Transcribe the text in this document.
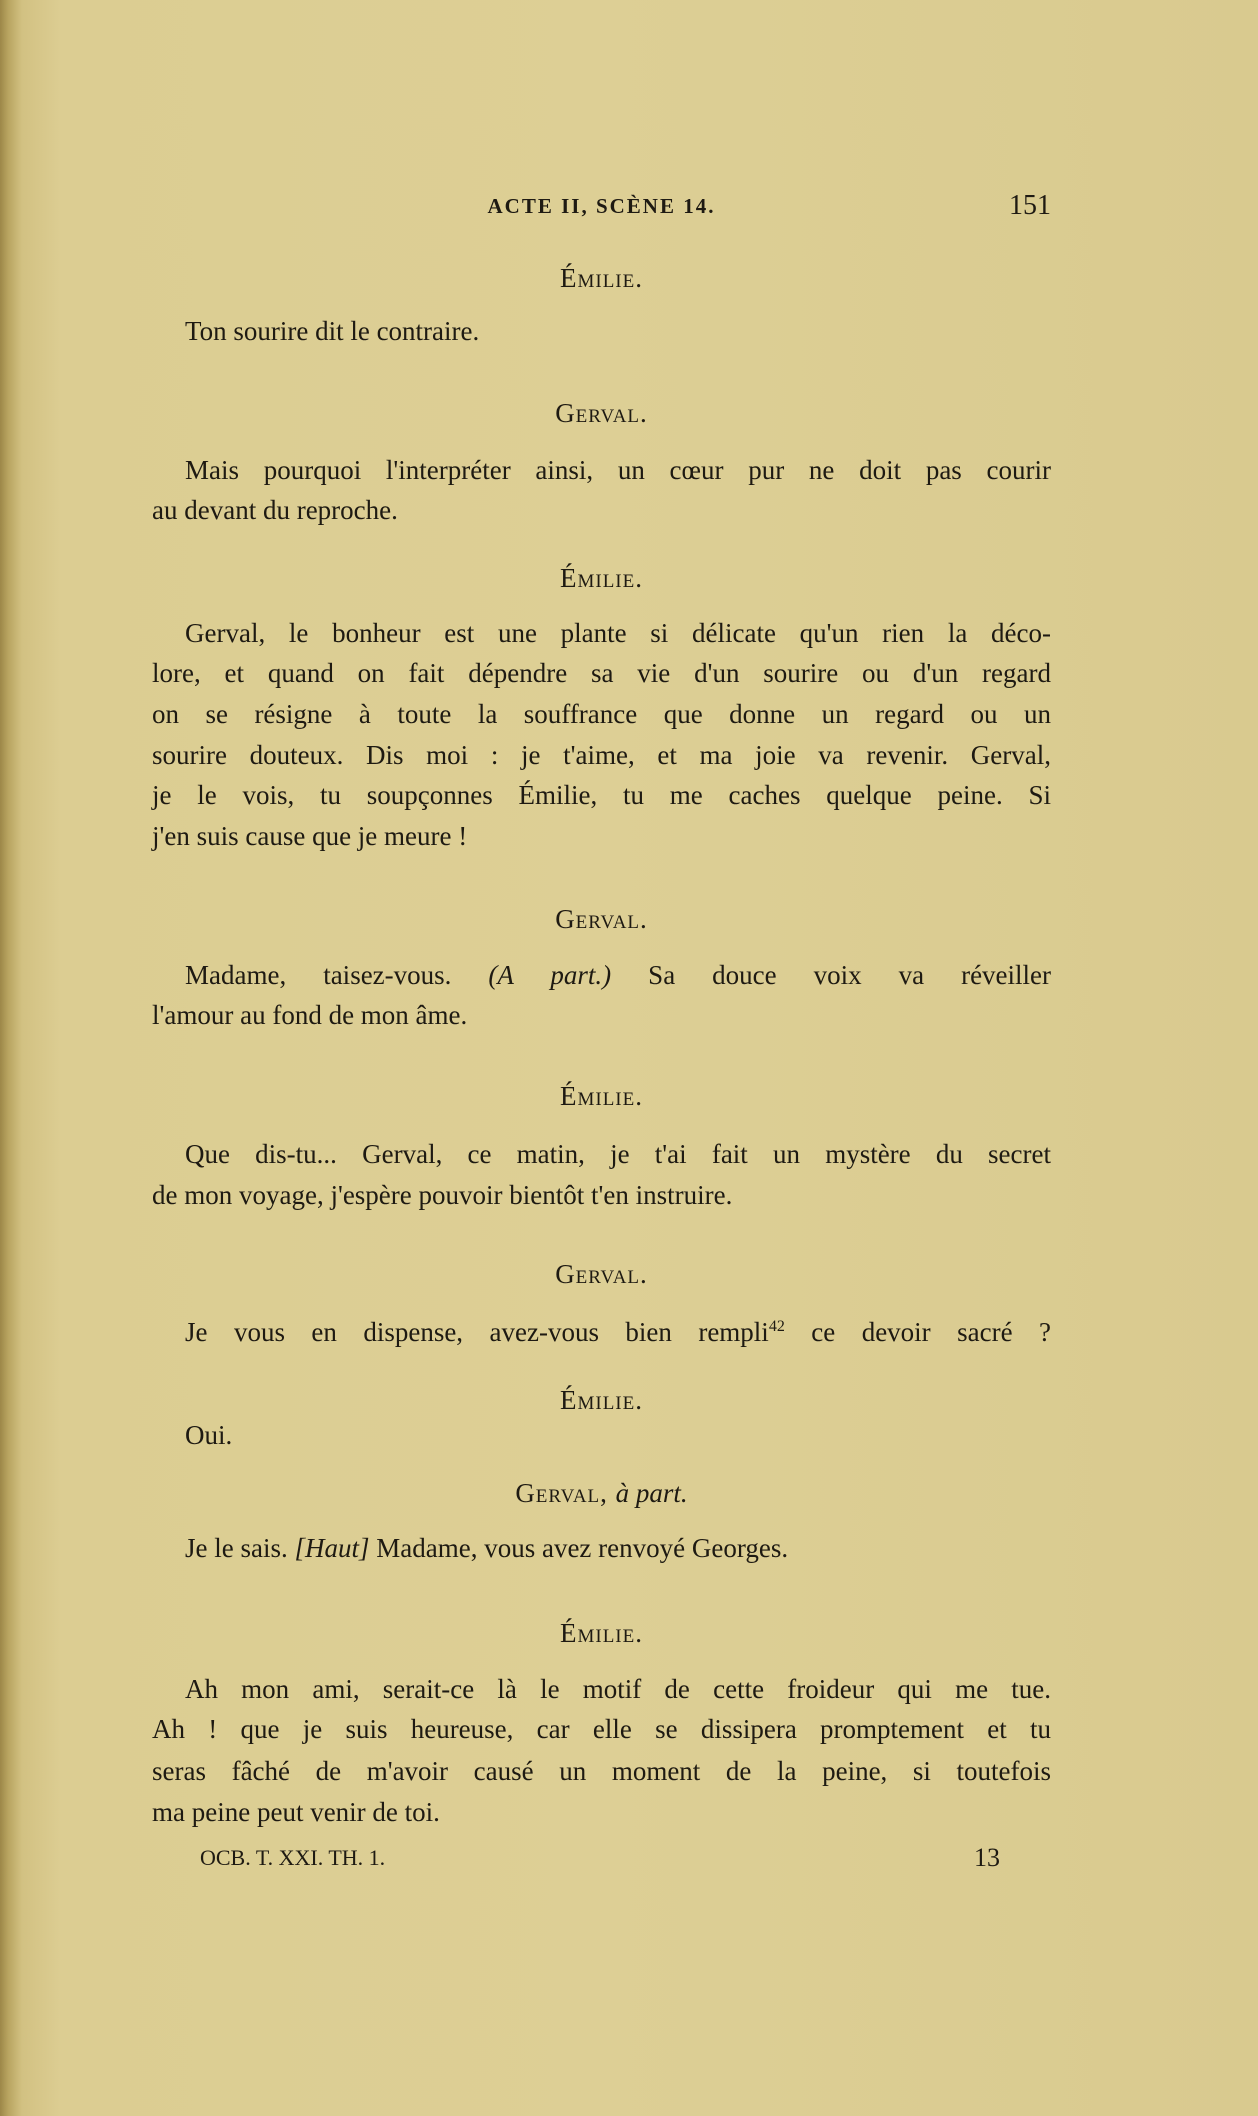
ACTE II, SCÈNE 14.	151
Émilie.
Ton sourire dit le contraire.
Gerval.
Mais pourquoi l'interpréter ainsi, un cœur pur ne doit pas courir
au devant du reproche.
Émilie.
Gerval, le bonheur est une plante si délicate qu'un rien la déco-
lore, et quand on fait dépendre sa vie d'un sourire ou d'un regard
on se résigne à toute la souffrance que donne un regard ou un
sourire douteux. Dis moi : je t'aime, et ma joie va revenir. Gerval,
je le vois, tu soupçonnes Émilie, tu me caches quelque peine. Si
j'en suis cause que je meure !
Gerval.
Madame, taisez-vous. (A part.) Sa douce voix va réveiller
l'amour au fond de mon âme.
Émilie.
Que dis-tu... Gerval, ce matin, je t'ai fait un mystère du secret
de mon voyage, j'espère pouvoir bientôt t'en instruire.
Gerval.
Je vous en dispense, avez-vous bien rempli$^{42}$ ce devoir sacré ?
Émilie.
Oui.
Gerval, à part.
Je le sais. [Haut] Madame, vous avez renvoyé Georges.
Émilie.
Ah mon ami, serait-ce là le motif de cette froideur qui me tue.
Ah ! que je suis heureuse, car elle se dissipera promptement et tu
seras fâché de m'avoir causé un moment de la peine, si toutefois
ma peine peut venir de toi.
OCB. T. XXI. TH. 1.	13
